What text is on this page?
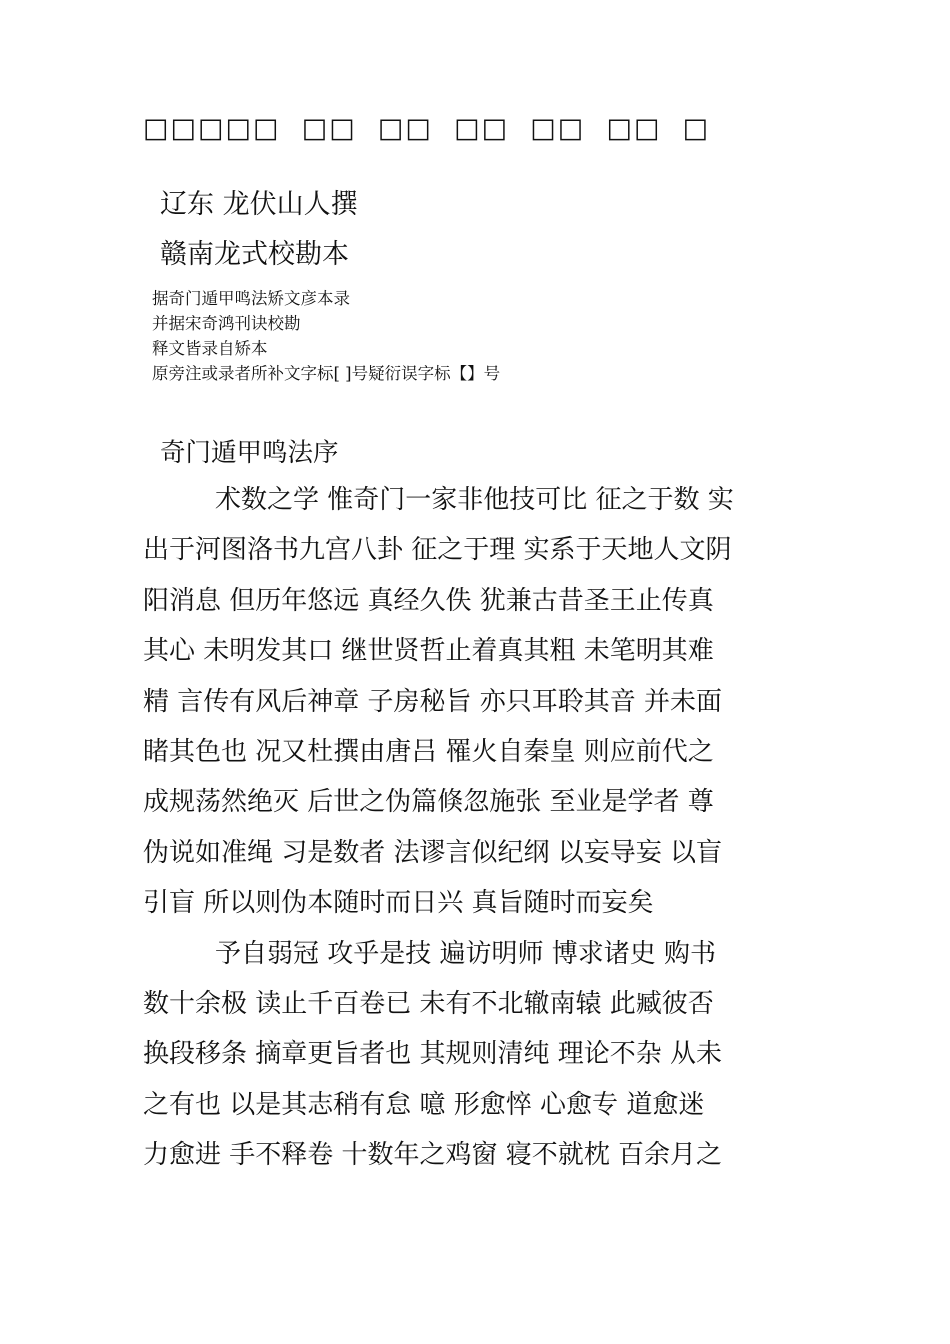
□□□□□  □□  □□  □□  □□  □□  □
辽东 龙伏山人撰
赣南龙式校勘本
据奇门遁甲鸣法矫文彦本录
并据宋奇鸿刊诀校勘
释文皆录自矫本
原旁注或录者所补文字标[ ]号疑衍误字标【】号
奇门遁甲鸣法序
术数之学 惟奇门一家非他技可比 征之于数 实
出于河图洛书九宫八卦 征之于理 实系于天地人文阴
阳消息 但历年悠远 真经久佚 犹兼古昔圣王止传真
其心 未明发其口 继世贤哲止着真其粗 未笔明其难
精 言传有风后神章 子房秘旨 亦只耳聆其音 并未面
睹其色也 况又杜撰由唐吕 罹火自秦皇 则应前代之
成规荡然绝灭 后世之伪篇倏忽施张 至业是学者 尊
伪说如准绳 习是数者 法谬言似纪纲 以妄导妄 以盲
引盲 所以则伪本随时而日兴 真旨随时而妄矣
予自弱冠 攻乎是技 遍访明师 博求诸史 购书
数十余极 读止千百卷已 未有不北辙南辕 此臧彼否
换段移条 摘章更旨者也 其规则清纯 理论不杂 从未
之有也 以是其志稍有怠 噫 形愈悴 心愈专 道愈迷
力愈进 手不释卷 十数年之鸡窗 寝不就枕 百余月之
